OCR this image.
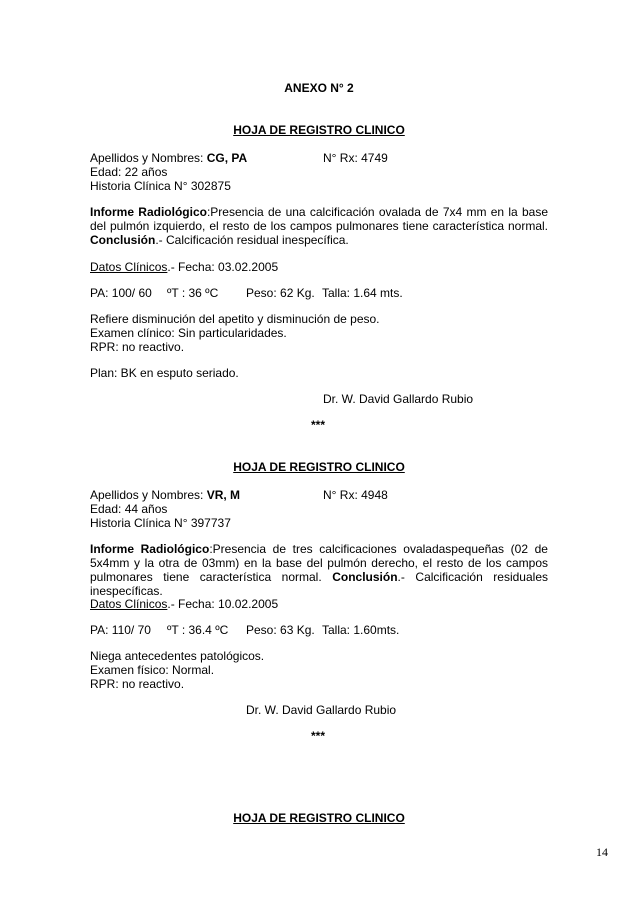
ANEXO N° 2
HOJA DE REGISTRO CLINICO
Apellidos y Nombres: CG, PA	N° Rx: 4749
Edad: 22 años
Historia Clínica N° 302875
Informe Radiológico:Presencia de una calcificación ovalada de 7x4 mm en la base del pulmón izquierdo, el resto de los campos pulmonares tiene característica normal. Conclusión.- Calcificación residual inespecífica.
Datos Clínicos.- Fecha: 03.02.2005
PA: 100/ 60 ºT : 36 ºC Peso: 62 Kg. Talla: 1.64 mts.
Refiere disminución del apetito y disminución de peso.
Examen clínico: Sin particularidades.
RPR: no reactivo.
Plan: BK en esputo seriado.
Dr. W. David Gallardo Rubio
***
HOJA DE REGISTRO CLINICO
Apellidos y Nombres: VR, M	N° Rx: 4948
Edad: 44 años
Historia Clínica N° 397737
Informe Radiológico:Presencia de tres calcificaciones ovaladaspequeñas (02 de 5x4mm y la otra de 03mm) en la base del pulmón derecho, el resto de los campos pulmonares tiene característica normal. Conclusión.- Calcificación residuales inespecíficas.
Datos Clínicos.- Fecha: 10.02.2005
PA: 110/ 70 ºT : 36.4 ºC Peso: 63 Kg. Talla: 1.60mts.
Niega antecedentes patológicos.
Examen físico: Normal.
RPR: no reactivo.
Dr. W. David Gallardo Rubio
***
HOJA DE REGISTRO CLINICO
14
